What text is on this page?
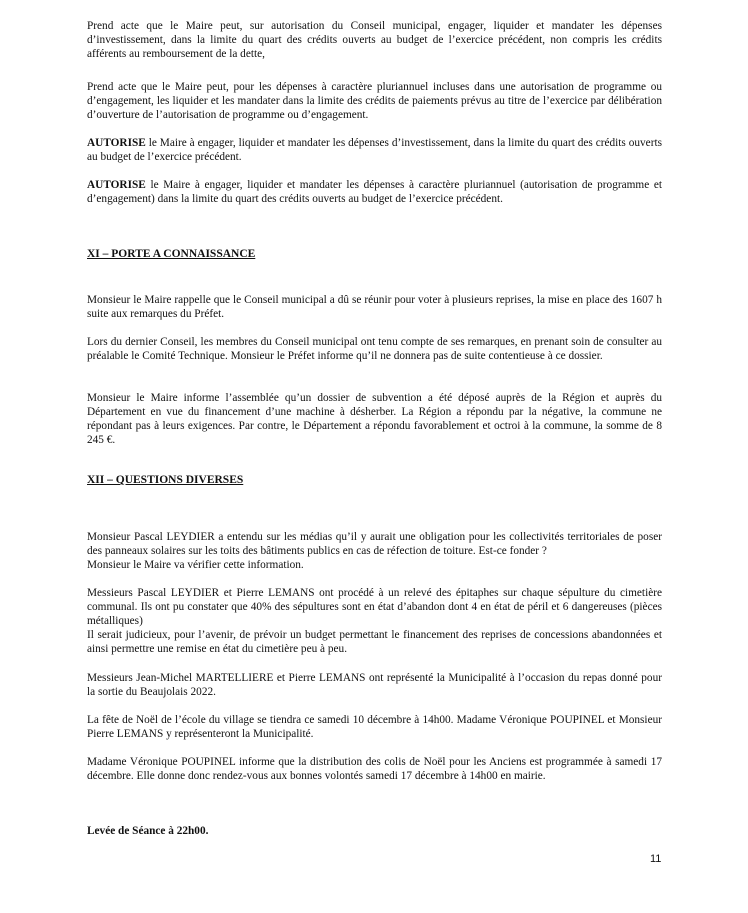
Prend acte que le Maire peut, sur autorisation du Conseil municipal, engager, liquider et mandater les dépenses d’investissement, dans la limite du quart des crédits ouverts au budget de l’exercice précédent, non compris les crédits afférents au remboursement de la dette,

Prend acte que le Maire peut, pour les dépenses à caractère pluriannuel incluses dans une autorisation de programme ou d’engagement, les liquider et les mandater dans la limite des crédits de paiements prévus au titre de l’exercice par délibération d’ouverture de l’autorisation de programme ou d’engagement.

AUTORISE le Maire à engager, liquider et mandater les dépenses d’investissement, dans la limite du quart des crédits ouverts au budget de l’exercice précédent.

AUTORISE le Maire à engager, liquider et mandater les dépenses à caractère pluriannuel (autorisation de programme et d’engagement) dans la limite du quart des crédits ouverts au budget de l’exercice précédent.

XI – PORTE A CONNAISSANCE

Monsieur le Maire rappelle que le Conseil municipal a dû se réunir pour voter à plusieurs reprises, la mise en place des 1607 h suite aux remarques du Préfet.

Lors du dernier Conseil, les membres du Conseil municipal ont tenu compte de ses remarques, en prenant soin de consulter au préalable le Comité Technique. Monsieur le Préfet informe qu’il ne donnera pas de suite contentieuse à ce dossier.

Monsieur le Maire informe l’assemblée qu’un dossier de subvention a été déposé auprès de la Région et auprès du Département en vue du financement d’une machine à désherber. La Région a répondu par la négative, la commune ne répondant pas à leurs exigences. Par contre, le Département a répondu favorablement et octroi à la commune, la somme de 8 245 €.

XII – QUESTIONS DIVERSES

Monsieur Pascal LEYDIER a entendu sur les médias qu’il y aurait une obligation pour les collectivités territoriales de poser des panneaux solaires sur les toits des bâtiments publics en cas de réfection de toiture. Est-ce fonder ?
Monsieur le Maire va vérifier cette information.

Messieurs Pascal LEYDIER et Pierre LEMANS ont procédé à un relevé des épitaphes sur chaque sépulture du cimetière communal. Ils ont pu constater que 40% des sépultures sont en état d’abandon dont 4 en état de péril et 6 dangereuses (pièces métalliques)
Il serait judicieux, pour l’avenir, de prévoir un budget permettant le financement des reprises de concessions abandonnées et ainsi permettre une remise en état du cimetière peu à peu.

Messieurs Jean-Michel MARTELLIERE et Pierre LEMANS ont représenté la Municipalité à l’occasion du repas donné pour la sortie du Beaujolais 2022.

La fête de Noël de l’école du village se tiendra ce samedi 10 décembre à 14h00. Madame Véronique POUPINEL et Monsieur Pierre LEMANS y représenteront la Municipalité.

Madame Véronique POUPINEL informe que la distribution des colis de Noël pour les Anciens est programmée à samedi 17 décembre. Elle donne donc rendez-vous aux bonnes volontés samedi 17 décembre à 14h00 en mairie.

Levée de Séance à 22h00.

11
